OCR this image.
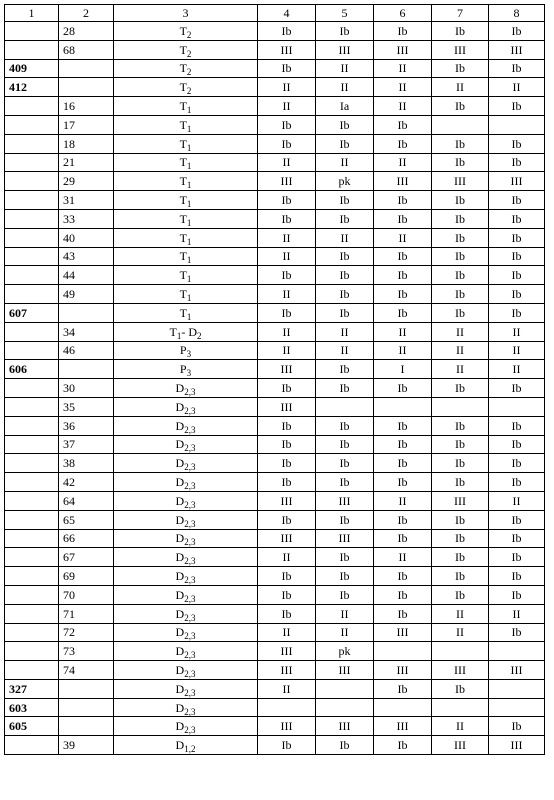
1	2	3	4	5	6	7	8
	28	$T_2$	Ib	Ib	Ib	Ib	Ib
	68	$T_2$	III	III	III	III	III
409		$T_2$	Ib	II	II	Ib	Ib
412		$T_2$	II	II	II	II	II
	16	$T_1$	II	Ia	II	Ib	Ib
	17	$T_1$	Ib	Ib	Ib		
	18	$T_1$	Ib	Ib	Ib	Ib	Ib
	21	$T_1$	II	II	II	Ib	Ib
	29	$T_1$	III	pk	III	III	III
	31	$T_1$	Ib	Ib	Ib	Ib	Ib
	33	$T_1$	Ib	Ib	Ib	Ib	Ib
	40	$T_1$	II	II	II	Ib	Ib
	43	$T_1$	II	Ib	Ib	Ib	Ib
	44	$T_1$	Ib	Ib	Ib	Ib	Ib
	49	$T_1$	II	Ib	Ib	Ib	Ib
607		$T_1$	Ib	Ib	Ib	Ib	Ib
	34	$T_1-$ $D_2$	II	II	II	II	II
	46	$P_3$	II	II	II	II	II
606		$P_3$	III	Ib	I	II	II
	30	$D_{2,3}$	Ib	Ib	Ib	Ib	Ib
	35	$D_{2,3}$	III				
	36	$D_{2,3}$	Ib	Ib	Ib	Ib	Ib
	37	$D_{2,3}$	Ib	Ib	Ib	Ib	Ib
	38	$D_{2,3}$	Ib	Ib	Ib	Ib	Ib
	42	$D_{2,3}$	Ib	Ib	Ib	Ib	Ib
	64	$D_{2,3}$	III	III	II	III	II
	65	$D_{2,3}$	Ib	Ib	Ib	Ib	Ib
	66	$D_{2,3}$	III	III	Ib	Ib	Ib
	67	$D_{2,3}$	II	Ib	II	Ib	Ib
	69	$D_{2,3}$	Ib	Ib	Ib	Ib	Ib
	70	$D_{2,3}$	Ib	Ib	Ib	Ib	Ib
	71	$D_{2,3}$	Ib	II	Ib	II	II
	72	$D_{2,3}$	II	II	III	II	Ib
	73	$D_{2,3}$	III	pk			
	74	$D_{2,3}$	III	III	III	III	III
327		$D_{2,3}$	II		Ib	Ib	
603		$D_{2,3}$					
605		$D_{2,3}$	III	III	III	II	Ib
	39	$D_{1,2}$	Ib	Ib	Ib	III	III
